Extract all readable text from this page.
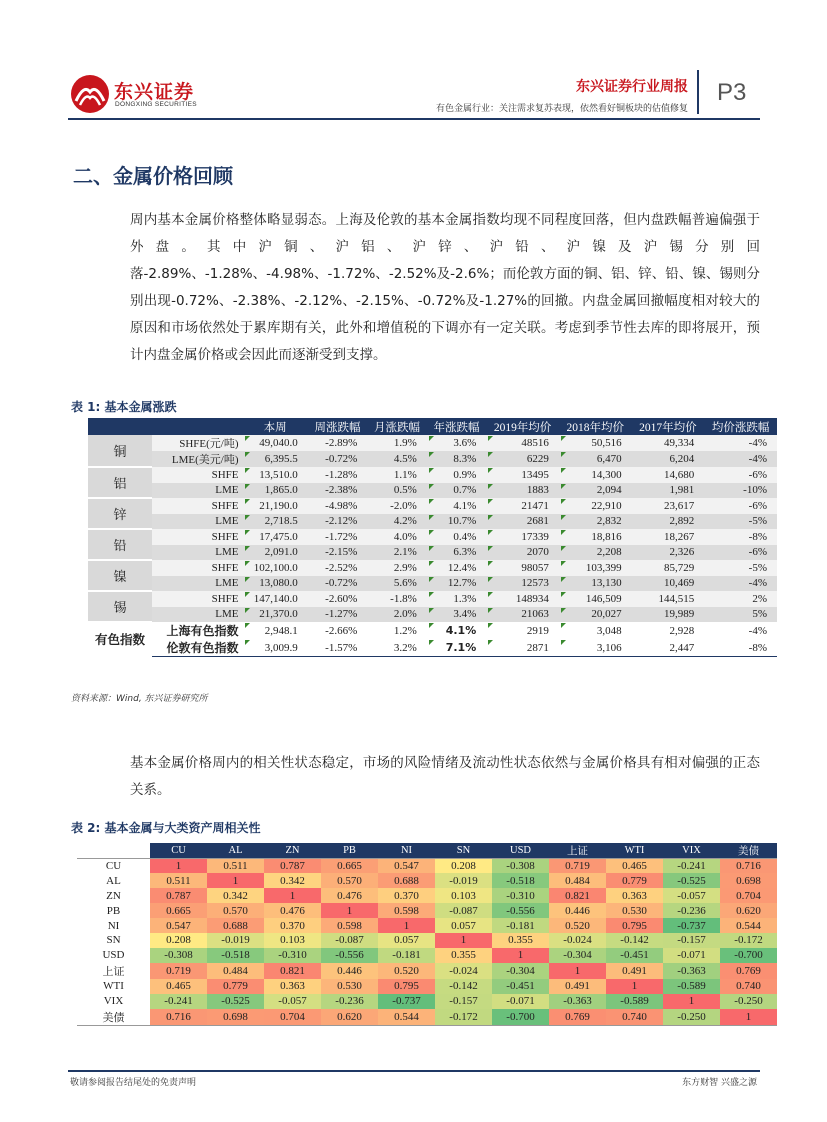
东兴证券
DONGXING SECURITIES
东兴证券行业周报
有色金属行业：关注需求复苏表现，依然看好铜板块的估值修复
P3
二、金属价格回顾

周内基本金属价格整体略显弱态。上海及伦敦的基本金属指数均现不同程度回落，但内盘跌幅普遍偏强于外盘。其中沪铜、沪铝、沪锌、沪铅、沪镍及沪锡分别回落-2.89%、-1.28%、-4.98%、-1.72%、-2.52%及-2.6%；而伦敦方面的铜、铝、锌、铅、镍、锡则分别出现-0.72%、-2.38%、-2.12%、-2.15%、-0.72%及-1.27%的回撤。内盘金属回撤幅度相对较大的原因和市场依然处于累库期有关，此外和增值税的下调亦有一定关联。考虑到季节性去库的即将展开，预计内盘金属价格或会因此而逐渐受到支撑。

表 1: 基本金属涨跌
		本周	周涨跌幅	月涨跌幅	年涨跌幅	2019年均价	2018年均价	2017年均价	均价涨跌幅
铜	SHFE(元/吨)	49,040.0	-2.89%	1.9%	3.6%	48516	50,516	49,334	-4%
	LME(美元/吨)	6,395.5	-0.72%	4.5%	8.3%	6229	6,470	6,204	-4%
铝	SHFE	13,510.0	-1.28%	1.1%	0.9%	13495	14,300	14,680	-6%
	LME	1,865.0	-2.38%	0.5%	0.7%	1883	2,094	1,981	-10%
锌	SHFE	21,190.0	-4.98%	-2.0%	4.1%	21471	22,910	23,617	-6%
	LME	2,718.5	-2.12%	4.2%	10.7%	2681	2,832	2,892	-5%
铅	SHFE	17,475.0	-1.72%	4.0%	0.4%	17339	18,816	18,267	-8%
	LME	2,091.0	-2.15%	2.1%	6.3%	2070	2,208	2,326	-6%
镍	SHFE	102,100.0	-2.52%	2.9%	12.4%	98057	103,399	85,729	-5%
	LME	13,080.0	-0.72%	5.6%	12.7%	12573	13,130	10,469	-4%
锡	SHFE	147,140.0	-2.60%	-1.8%	1.3%	148934	146,509	144,515	2%
	LME	21,370.0	-1.27%	2.0%	3.4%	21063	20,027	19,989	5%
有色指数	上海有色指数	2,948.1	-2.66%	1.2%	4.1%	2919	3,048	2,928	-4%
	伦敦有色指数	3,009.9	-1.57%	3.2%	7.1%	2871	3,106	2,447	-8%
资料来源：Wind, 东兴证券研究所

基本金属价格周内的相关性状态稳定，市场的风险情绪及流动性状态依然与金属价格具有相对偏强的正态关系。

表 2: 基本金属与大类资产周相关性
	CU	AL	ZN	PB	NI	SN	USD	上证	WTI	VIX	美债
CU	1	0.511	0.787	0.665	0.547	0.208	-0.308	0.719	0.465	-0.241	0.716
AL	0.511	1	0.342	0.570	0.688	-0.019	-0.518	0.484	0.779	-0.525	0.698
ZN	0.787	0.342	1	0.476	0.370	0.103	-0.310	0.821	0.363	-0.057	0.704
PB	0.665	0.570	0.476	1	0.598	-0.087	-0.556	0.446	0.530	-0.236	0.620
NI	0.547	0.688	0.370	0.598	1	0.057	-0.181	0.520	0.795	-0.737	0.544
SN	0.208	-0.019	0.103	-0.087	0.057	1	0.355	-0.024	-0.142	-0.157	-0.172
USD	-0.308	-0.518	-0.310	-0.556	-0.181	0.355	1	-0.304	-0.451	-0.071	-0.700
上证	0.719	0.484	0.821	0.446	0.520	-0.024	-0.304	1	0.491	-0.363	0.769
WTI	0.465	0.779	0.363	0.530	0.795	-0.142	-0.451	0.491	1	-0.589	0.740
VIX	-0.241	-0.525	-0.057	-0.236	-0.737	-0.157	-0.071	-0.363	-0.589	1	-0.250
美债	0.716	0.698	0.704	0.620	0.544	-0.172	-0.700	0.769	0.740	-0.250	1
敬请参阅报告结尾处的免责声明	东方财智 兴盛之源
